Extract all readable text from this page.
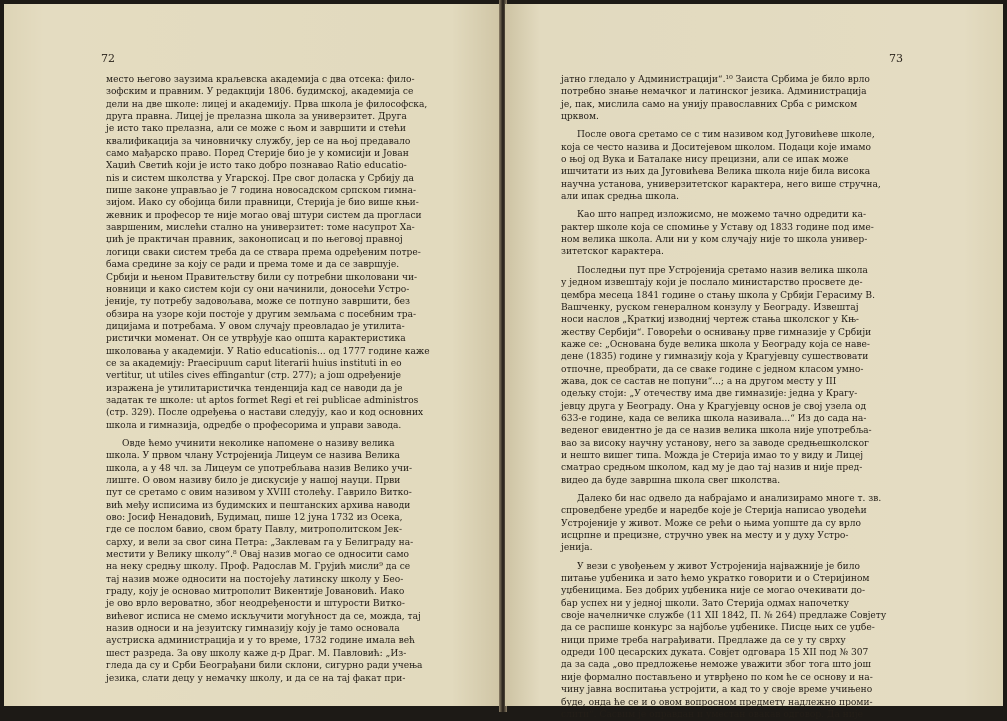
72
место његово заузима краљевска академија с два отсека: фило-
зофским и правним. У редакцији 1806. будимској, академија се
дели на две школе: лицеј и академију. Прва школа је философска,
друга правна. Лицеј је прелазна школа за универзитет. Друга
је исто тако прелазна, али се може с њом и завршити и стећи
квалификација за чиновничку службу, јер се на њој предавало
само мађарско право. Поред Стерије био је у комисији и Јован
Хаџић Светић који је исто тако добро познавао Ratio educatio-
nis и систем школства у Угарској. Пре свог доласка у Србију да
пише законе управљао је 7 година новосадском српском гимна-
зијом. Иако су обојица били правници, Стерија је био више књи-
жевник и професор те није могао овај штури систем да прогласи
завршеним, мислећи стално на универзитет: томе насупрот Ха-
џић је практичан правник, законописац и по његовој правној
логици сваки систем треба да се ствара према одређеним потре-
бама средине за коју се ради и према томе и да се завршује.
Србији и њеном Правитељству били су потребни школовани чи-
новници и како систем који су они начинили, доносећи Устро-
јеније, ту потребу задовољава, може се потпуно завршити, без
обзира на узоре који постоје у другим земљама с посебним тра-
дицијама и потребама. У овом случају преовладао је утилита-
ристички моменат. Он се утврђује као општа карактеристика
школовања у академији. У Ratio educationis... од 1777 године каже
се за академију: Praecipuum caput literarii huius instituti in eo
vertitur, ut utiles cives effingantur (стр. 277); а још одређеније
изражена је утилитаристичка тенденција кад се наводи да је
задатак те школе: ut aptos formet Regi et rei publicae administros
(стр. 329). После одређења о настави следују, као и код основних
школа и гимназија, одредбе о професорима и управи завода.
Овде ћемо учинити неколике напомене о називу велика
школа. У првом члану Устројенија Лицеум се назива Велика
школа, а у 48 чл. за Лицеум се употребљава назив Велико учи-
лиште. О овом називу било је дискусије у нашој науци. Први
пут се сретамо с овим називом у XVIII столећу. Гаврило Витко-
вић међу исписима из будимских и пештанских архива наводи
ово: Јосиф Ненадовић, Будимац, пише 12 јуна 1732 из Осека,
где се послом бавио, свом брату Павлу, митрополитском Јек-
сарху, и вели за свог сина Петра: „Заклевам га у Белиграду на-
местити у Велику школу“.⁸ Овај назив могао се односити само
на неку средњу школу. Проф. Радослав М. Грујић мисли⁹ да се
тај назив може односити на постојећу латинску школу у Бео-
граду, коју је основао митрополит Викентије Јовановић. Иако
је ово врло вероватно, због неодређености и штурости Витко-
вићевог исписа не смемо искључити могућност да се, можда, тај
назив односи и на језуитску гимназију коју је тамо основала
аустриска администрација и у то време, 1732 године имала већ
шест разреда. За ову школу каже д-р Драг. М. Павловић: „Из-
гледа да су и Срби Београђани били склони, сигурно ради учења
језика, слати децу у немачку школу, и да се на тај факат при-
73
јатно гледало у Администрацији“.¹⁰ Заиста Србима је било врло
потребно знање немачког и латинског језика. Администрација
је, пак, мислила само на унију православних Срба с римском
црквом.
После овога сретамо се с тим називом код Југовићеве школе,
која се често назива и Доситејевом школом. Подаци које имамо
о њој од Вука и Баталаке нису прецизни, али се ипак може
ишчитати из њих да Југовићева Велика школа није била висока
научна установа, универзитетског карактера, него више стручна,
али ипак средња школа.
Као што напред изложисмо, не можемо тачно одредити ка-
рактер школе која се спомиње у Уставу од 1833 године под име-
ном велика школа. Али ни у ком случају није то школа универ-
зитетског карактера.
Последњи пут пре Устројенија сретамо назив велика школа
у једном извештају који је послало министарство просвете де-
цембра месеца 1841 године о стању школа у Србији Герасиму В.
Вашченку, руском генералном конзулу у Београду. Извештај
носи наслов „Краткиј изводниј чертеж стања школског у Књ-
жеству Сербији“. Говорећи о оснивању прве гимназије у Србији
каже се: „Основана буде велика школа у Београду која се наве-
дене (1835) године у гимназију која у Крагујевцу сушествовати
отпочне, преобрати, да се сваке године с једном класом умно-
жава, док се састав не попуни“...; а на другом месту у III
одељку стоји: „У отечеству има две гимназије: једна у Крагу-
јевцу друга у Београду. Она у Крагујевцу основ је свој узела од
633-е године, када се велика школа називала...“ Из до сада на-
веденог евидентно је да се назив велика школа није употребља-
вао за високу научну установу, него за заводе средњешколског
и нешто вишег типа. Можда је Стерија имао то у виду и Лицеј
сматрао средњом школом, кад му је дао тај назив и није пред-
видео да буде завршна школа свег школства.
Далеко би нас одвело да набрајамо и анализирамо многе т. зв.
спроведбене уредбе и наредбе које је Стерија написао уводећи
Устројеније у живот. Може се рећи о њима уопште да су врло
исцрпне и прецизне, стручно увек на месту и у духу Устро-
јенија.
У вези с увођењем у живот Устројенија најважније је било
питање уџбеника и зато ћемо укратко говорити и о Стеријином
уџбеницима. Без добрих уџбеника није се могао очекивати до-
бар успех ни у једној школи. Зато Стерија одмах напочетку
своје начелничке службе (11 XII 1842, П. № 264) предлаже Совјету
да се распише конкурс за најбоље уџбенике. Писце њих се уџбе-
ници приме треба награђивати. Предлаже да се у ту сврху
одреди 100 цесарских дуката. Совјет одговара 15 XII под № 307
да за сада „ово предложење неможе уважити због тога што још
није формално постављено и утврђено по ком ће се основу и на-
чину јавна воспитања устројити, а кад то у своје време учињено
буде, онда ће се и о овом вопросном предмету надлежно проми-
слити“. Сасвим је оправдан и уместан овакав одговор. Да није
